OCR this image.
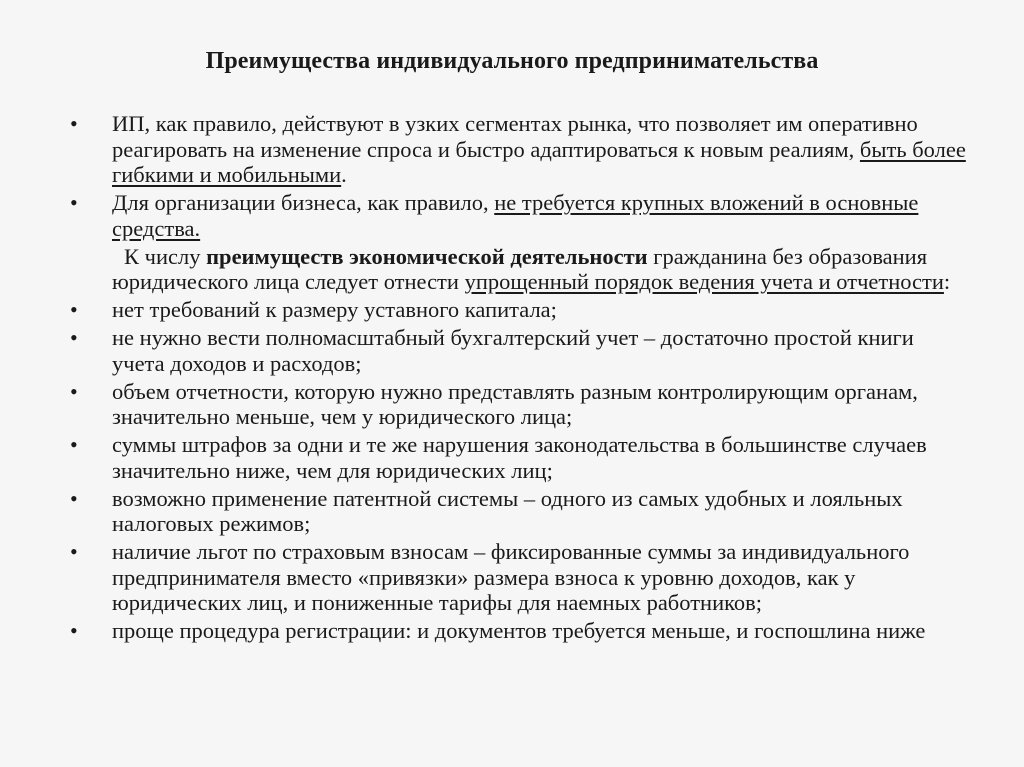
Преимущества индивидуального предпринимательства
• ИП, как правило, действуют в узких сегментах рынка, что позволяет им оперативно реагировать на изменение спроса и быстро адаптироваться к новым реалиям, быть более гибкими и мобильными.
• Для организации бизнеса, как правило, не требуется крупных вложений в основные средства.
К числу преимуществ экономической деятельности гражданина без образования юридического лица следует отнести упрощенный порядок ведения учета и отчетности:
• нет требований к размеру уставного капитала;
• не нужно вести полномасштабный бухгалтерский учет – достаточно простой книги учета доходов и расходов;
• объем отчетности, которую нужно представлять разным контролирующим органам, значительно меньше, чем у юридического лица;
• суммы штрафов за одни и те же нарушения законодательства в большинстве случаев значительно ниже, чем для юридических лиц;
• возможно применение патентной системы – одного из самых удобных и лояльных налоговых режимов;
• наличие льгот по страховым взносам – фиксированные суммы за индивидуального предпринимателя вместо «привязки» размера взноса к уровню доходов, как у юридических лиц, и пониженные тарифы для наемных работников;
• проще процедура регистрации: и документов требуется меньше, и госпошлина ниже
